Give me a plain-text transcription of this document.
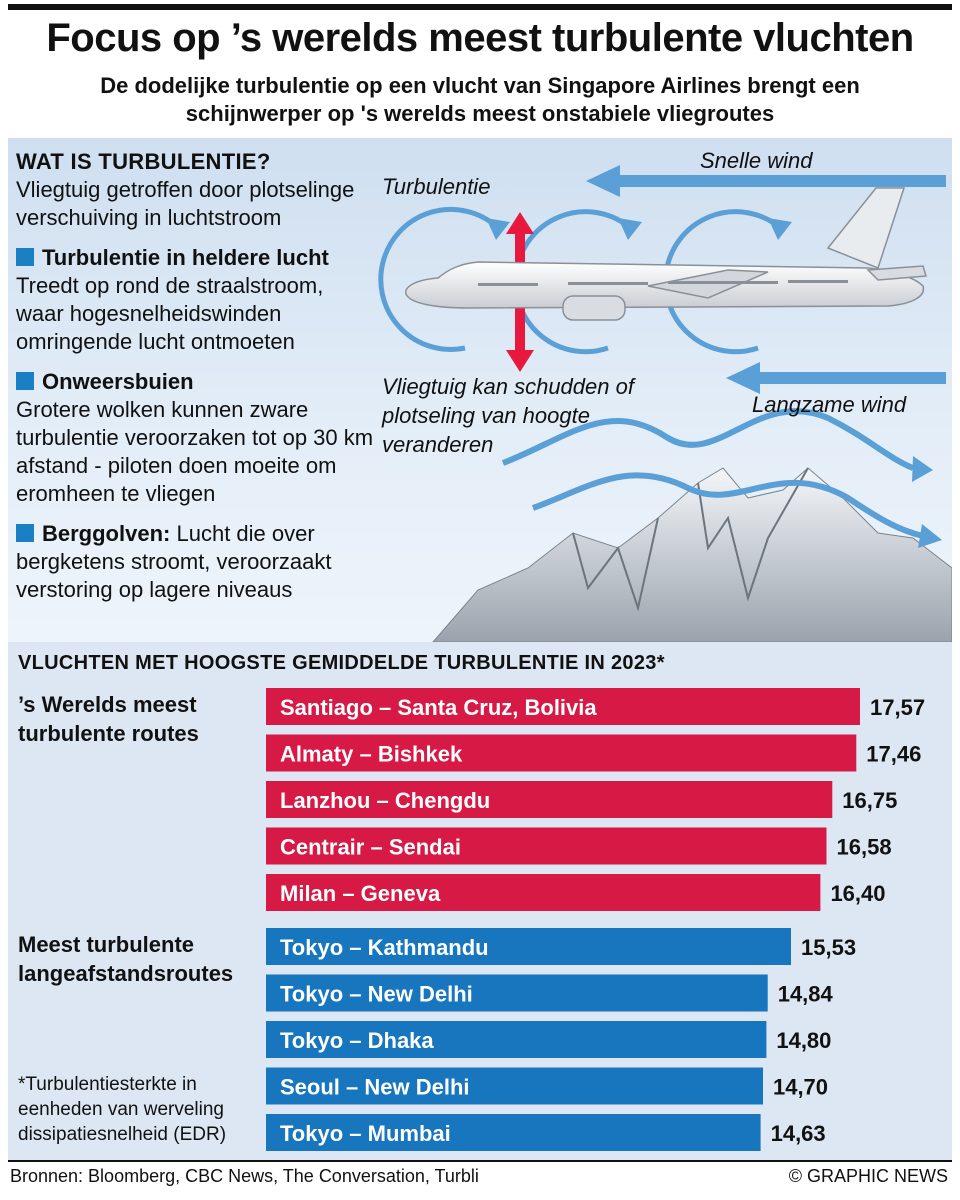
Focus op ’s werelds meest turbulente vluchten
De dodelijke turbulentie op een vlucht van Singapore Airlines brengt een schijnwerper op 's werelds meest onstabiele vliegroutes

WAT IS TURBULENTIE?

Vliegtuig getroffen door plotselinge verschuiving in luchtstroom

Turbulentie in heldere lucht

Treedt op rond de straalstroom, waar hogesnelheidswinden omringende lucht ontmoeten

Onweersbuien

Grotere wolken kunnen zware turbulentie veroorzaken tot op 30 km afstand - piloten doen moeite om eromheen te vliegen

Berggolven: Lucht die over bergketens stroomt, veroorzaakt verstoring op lagere niveaus

Turbulentie
Snelle wind
Langzame wind
Vliegtuig kan schudden of plotseling van hoogte veranderen
VLUCHTEN MET HOOGSTE GEMIDDELDE TURBULENTIE IN 2023*
’s Werelds meest turbulente routes
Meest turbulente langeafstandsroutes
Santiago – Santa Cruz, Bolivia	17,57
Almaty – Bishkek	17,46
Lanzhou – Chengdu	16,75
Centrair – Sendai	16,58
Milan – Geneva	16,40
Tokyo – Kathmandu	15,53
Tokyo – New Delhi	14,84
Tokyo – Dhaka	14,80
Seoul – New Delhi	14,70
Tokyo – Mumbai	14,63
*Turbulentiesterkte in eenheden van werveling dissipatiesnelheid (EDR)
Bronnen: Bloomberg, CBC News, The Conversation, Turbli	© GRAPHIC NEWS
